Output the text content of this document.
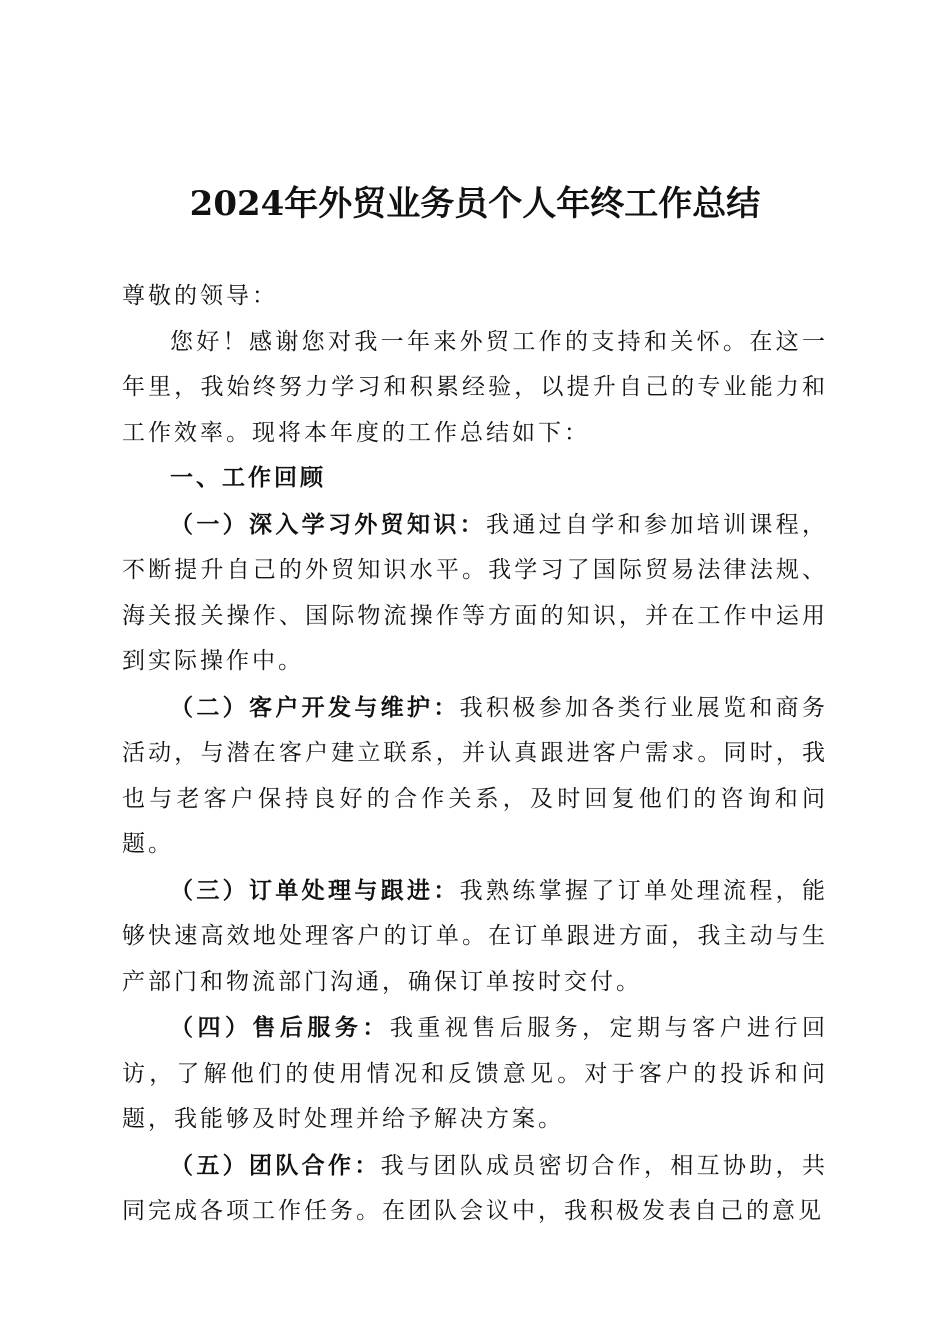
2024年外贸业务员个人年终工作总结

尊敬的领导：

您好！感谢您对我一年来外贸工作的支持和关怀。在这一年里，我始终努力学习和积累经验，以提升自己的专业能力和工作效率。现将本年度的工作总结如下：

一、工作回顾

（一）深入学习外贸知识：我通过自学和参加培训课程，不断提升自己的外贸知识水平。我学习了国际贸易法律法规、海关报关操作、国际物流操作等方面的知识，并在工作中运用到实际操作中。

（二）客户开发与维护：我积极参加各类行业展览和商务活动，与潜在客户建立联系，并认真跟进客户需求。同时，我也与老客户保持良好的合作关系，及时回复他们的咨询和问题。

（三）订单处理与跟进：我熟练掌握了订单处理流程，能够快速高效地处理客户的订单。在订单跟进方面，我主动与生产部门和物流部门沟通，确保订单按时交付。

（四）售后服务：我重视售后服务，定期与客户进行回访，了解他们的使用情况和反馈意见。对于客户的投诉和问题，我能够及时处理并给予解决方案。

（五）团队合作：我与团队成员密切合作，相互协助，共同完成各项工作任务。在团队会议中，我积极发表自己的意见
